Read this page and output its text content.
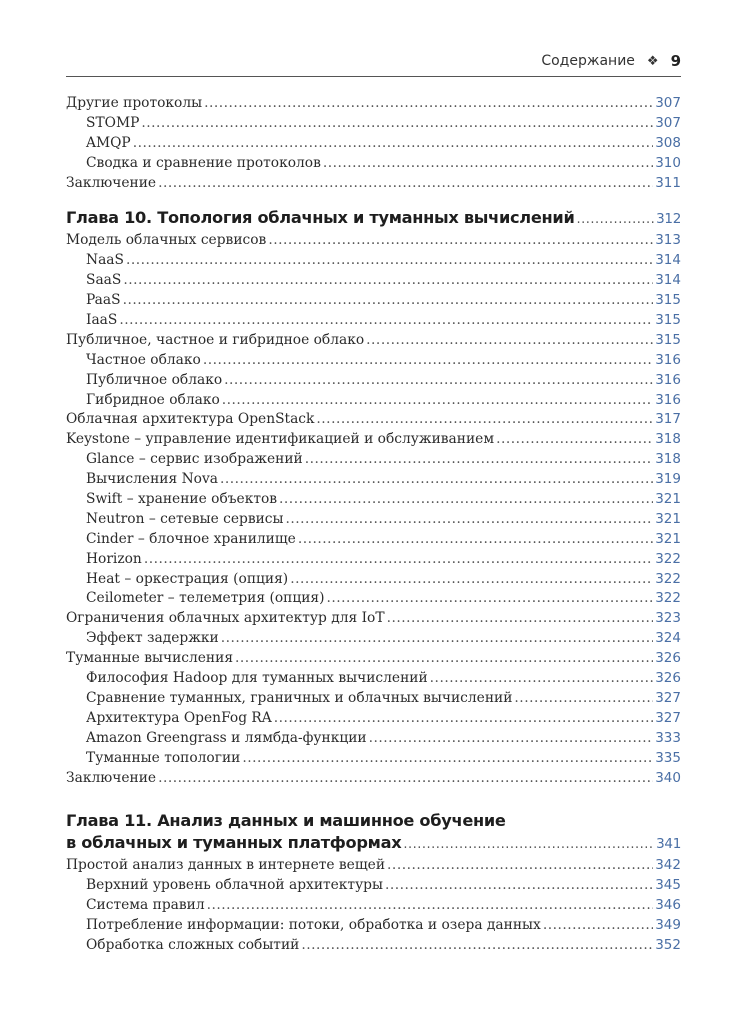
Содержание ❖ 9
Другие протоколы .....	307
STOMP .....	307
AMQP .....	308
Сводка и сравнение протоколов .....	310
Заключение .....	311
Глава 10. Топология облачных и туманных вычислений .....	312
Модель облачных сервисов .....	313
NaaS .....	314
SaaS .....	314
PaaS .....	315
IaaS .....	315
Публичное, частное и гибридное облако .....	315
Частное облако .....	316
Публичное облако .....	316
Гибридное облако .....	316
Облачная архитектура OpenStack .....	317
Keystone – управление идентификацией и обслуживанием .....	318
Glance – сервис изображений .....	318
Вычисления Nova .....	319
Swift – хранение объектов .....	321
Neutron – сетевые сервисы .....	321
Cinder – блочное хранилище .....	321
Horizon .....	322
Heat – оркестрация (опция) .....	322
Ceilometer – телеметрия (опция) .....	322
Ограничения облачных архитектур для IoT .....	323
Эффект задержки .....	324
Туманные вычисления .....	326
Философия Hadoop для туманных вычислений .....	326
Сравнение туманных, граничных и облачных вычислений .....	327
Архитектура OpenFog RA .....	327
Amazon Greengrass и лямбда-функции .....	333
Туманные топологии .....	335
Заключение .....	340
Глава 11. Анализ данных и машинное обучение
в облачных и туманных платформах .....	341
Простой анализ данных в интернете вещей .....	342
Верхний уровень облачной архитектуры .....	345
Система правил .....	346
Потребление информации: потоки, обработка и озера данных .....	349
Обработка сложных событий .....	352
